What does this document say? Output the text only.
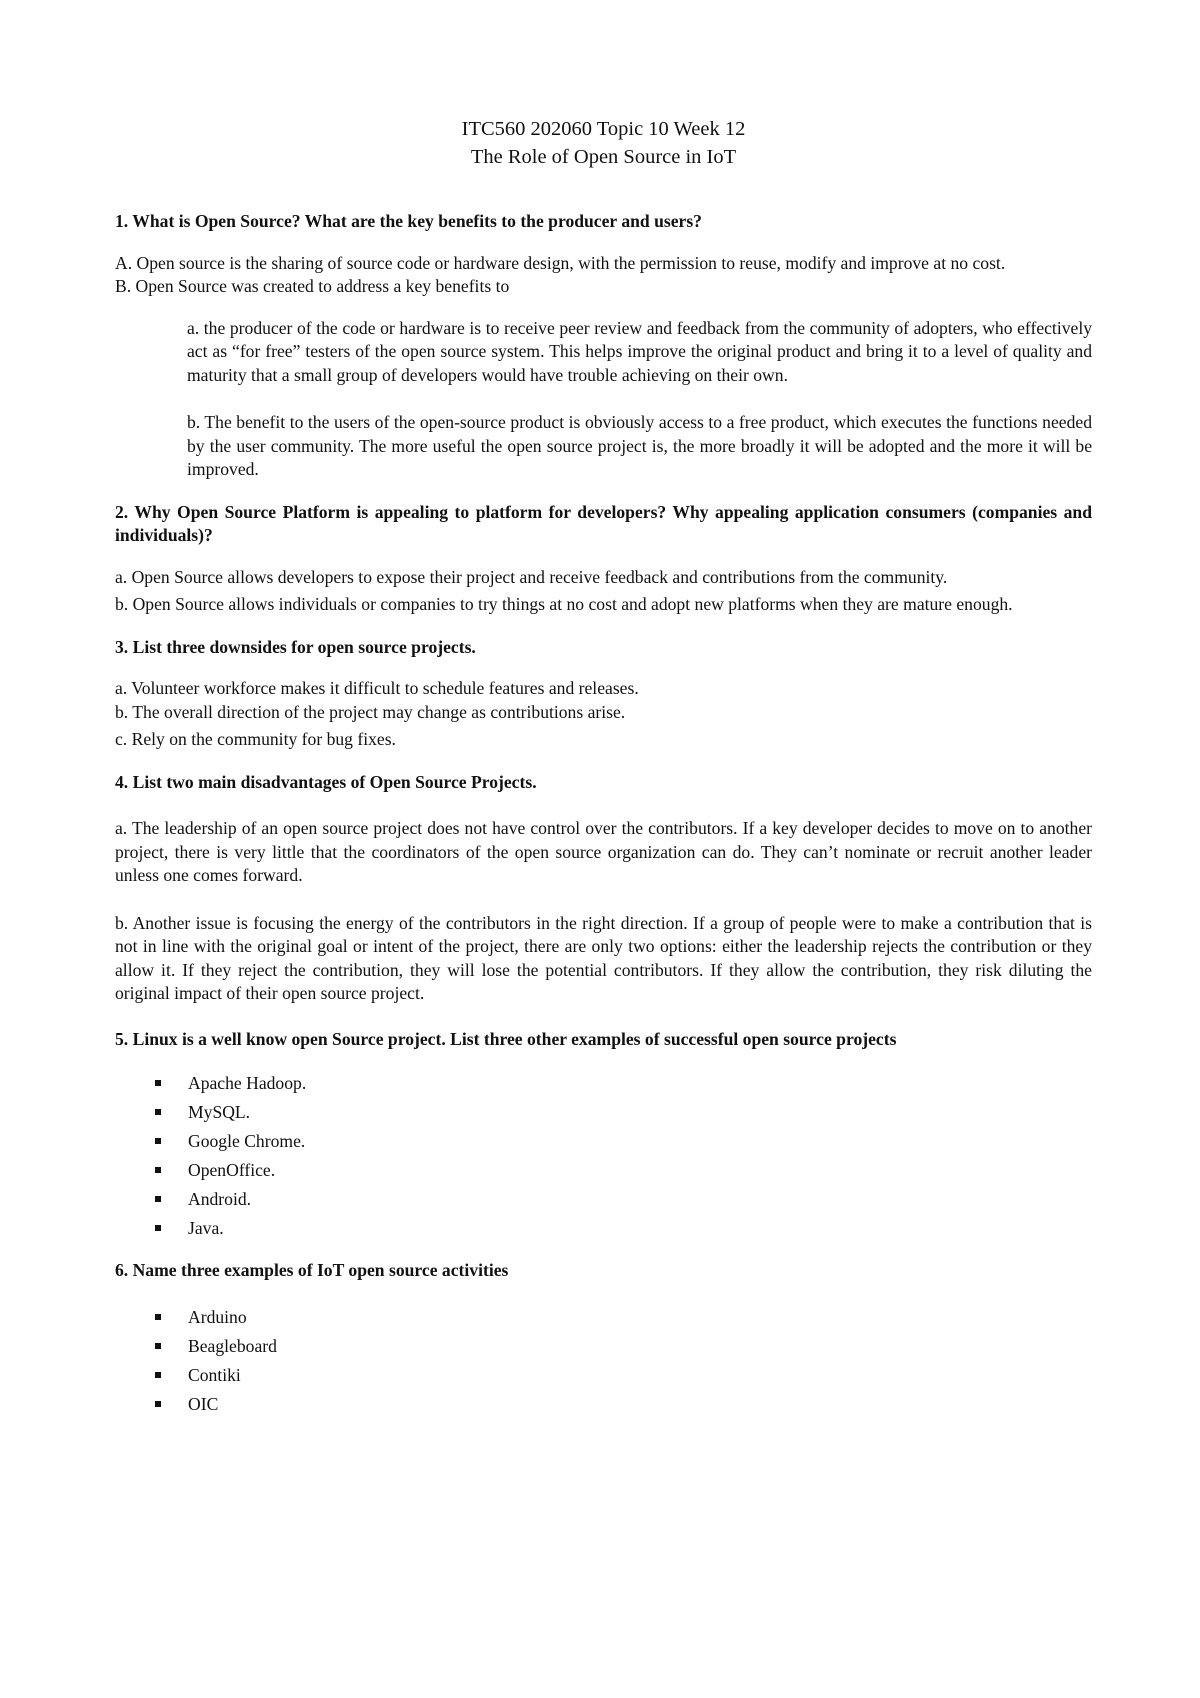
ITC560 202060 Topic 10 Week 12

The Role of Open Source in IoT

1. What is Open Source? What are the key benefits to the producer and users?

A. Open source is the sharing of source code or hardware design, with the permission to reuse, modify and improve at no cost.

B. Open Source was created to address a key benefits to

a. the producer of the code or hardware is to receive peer review and feedback from the community of adopters, who effectively act as “for free” testers of the open source system. This helps improve the original product and bring it to a level of quality and maturity that a small group of developers would have trouble achieving on their own.

b. The benefit to the users of the open-source product is obviously access to a free product, which executes the functions needed by the user community. The more useful the open source project is, the more broadly it will be adopted and the more it will be improved.

2. Why Open Source Platform is appealing to platform for developers? Why appealing application consumers (companies and individuals)?

a. Open Source allows developers to expose their project and receive feedback and contributions from the community.

b. Open Source allows individuals or companies to try things at no cost and adopt new platforms when they are mature enough.

3. List three downsides for open source projects.

a. Volunteer workforce makes it difficult to schedule features and releases.

b. The overall direction of the project may change as contributions arise.

c. Rely on the community for bug fixes.

4. List two main disadvantages of Open Source Projects.

a. The leadership of an open source project does not have control over the contributors. If a key developer decides to move on to another project, there is very little that the coordinators of the open source organization can do. They can’t nominate or recruit another leader unless one comes forward.

b. Another issue is focusing the energy of the contributors in the right direction. If a group of people were to make a contribution that is not in line with the original goal or intent of the project, there are only two options: either the leadership rejects the contribution or they allow it. If they reject the contribution, they will lose the potential contributors. If they allow the contribution, they risk diluting the original impact of their open source project.

5. Linux is a well know open Source project. List three other examples of successful open source projects

Apache Hadoop.
MySQL.
Google Chrome.
OpenOffice.
Android.
Java.

6. Name three examples of IoT open source activities

Arduino
Beagleboard
Contiki
OIC
